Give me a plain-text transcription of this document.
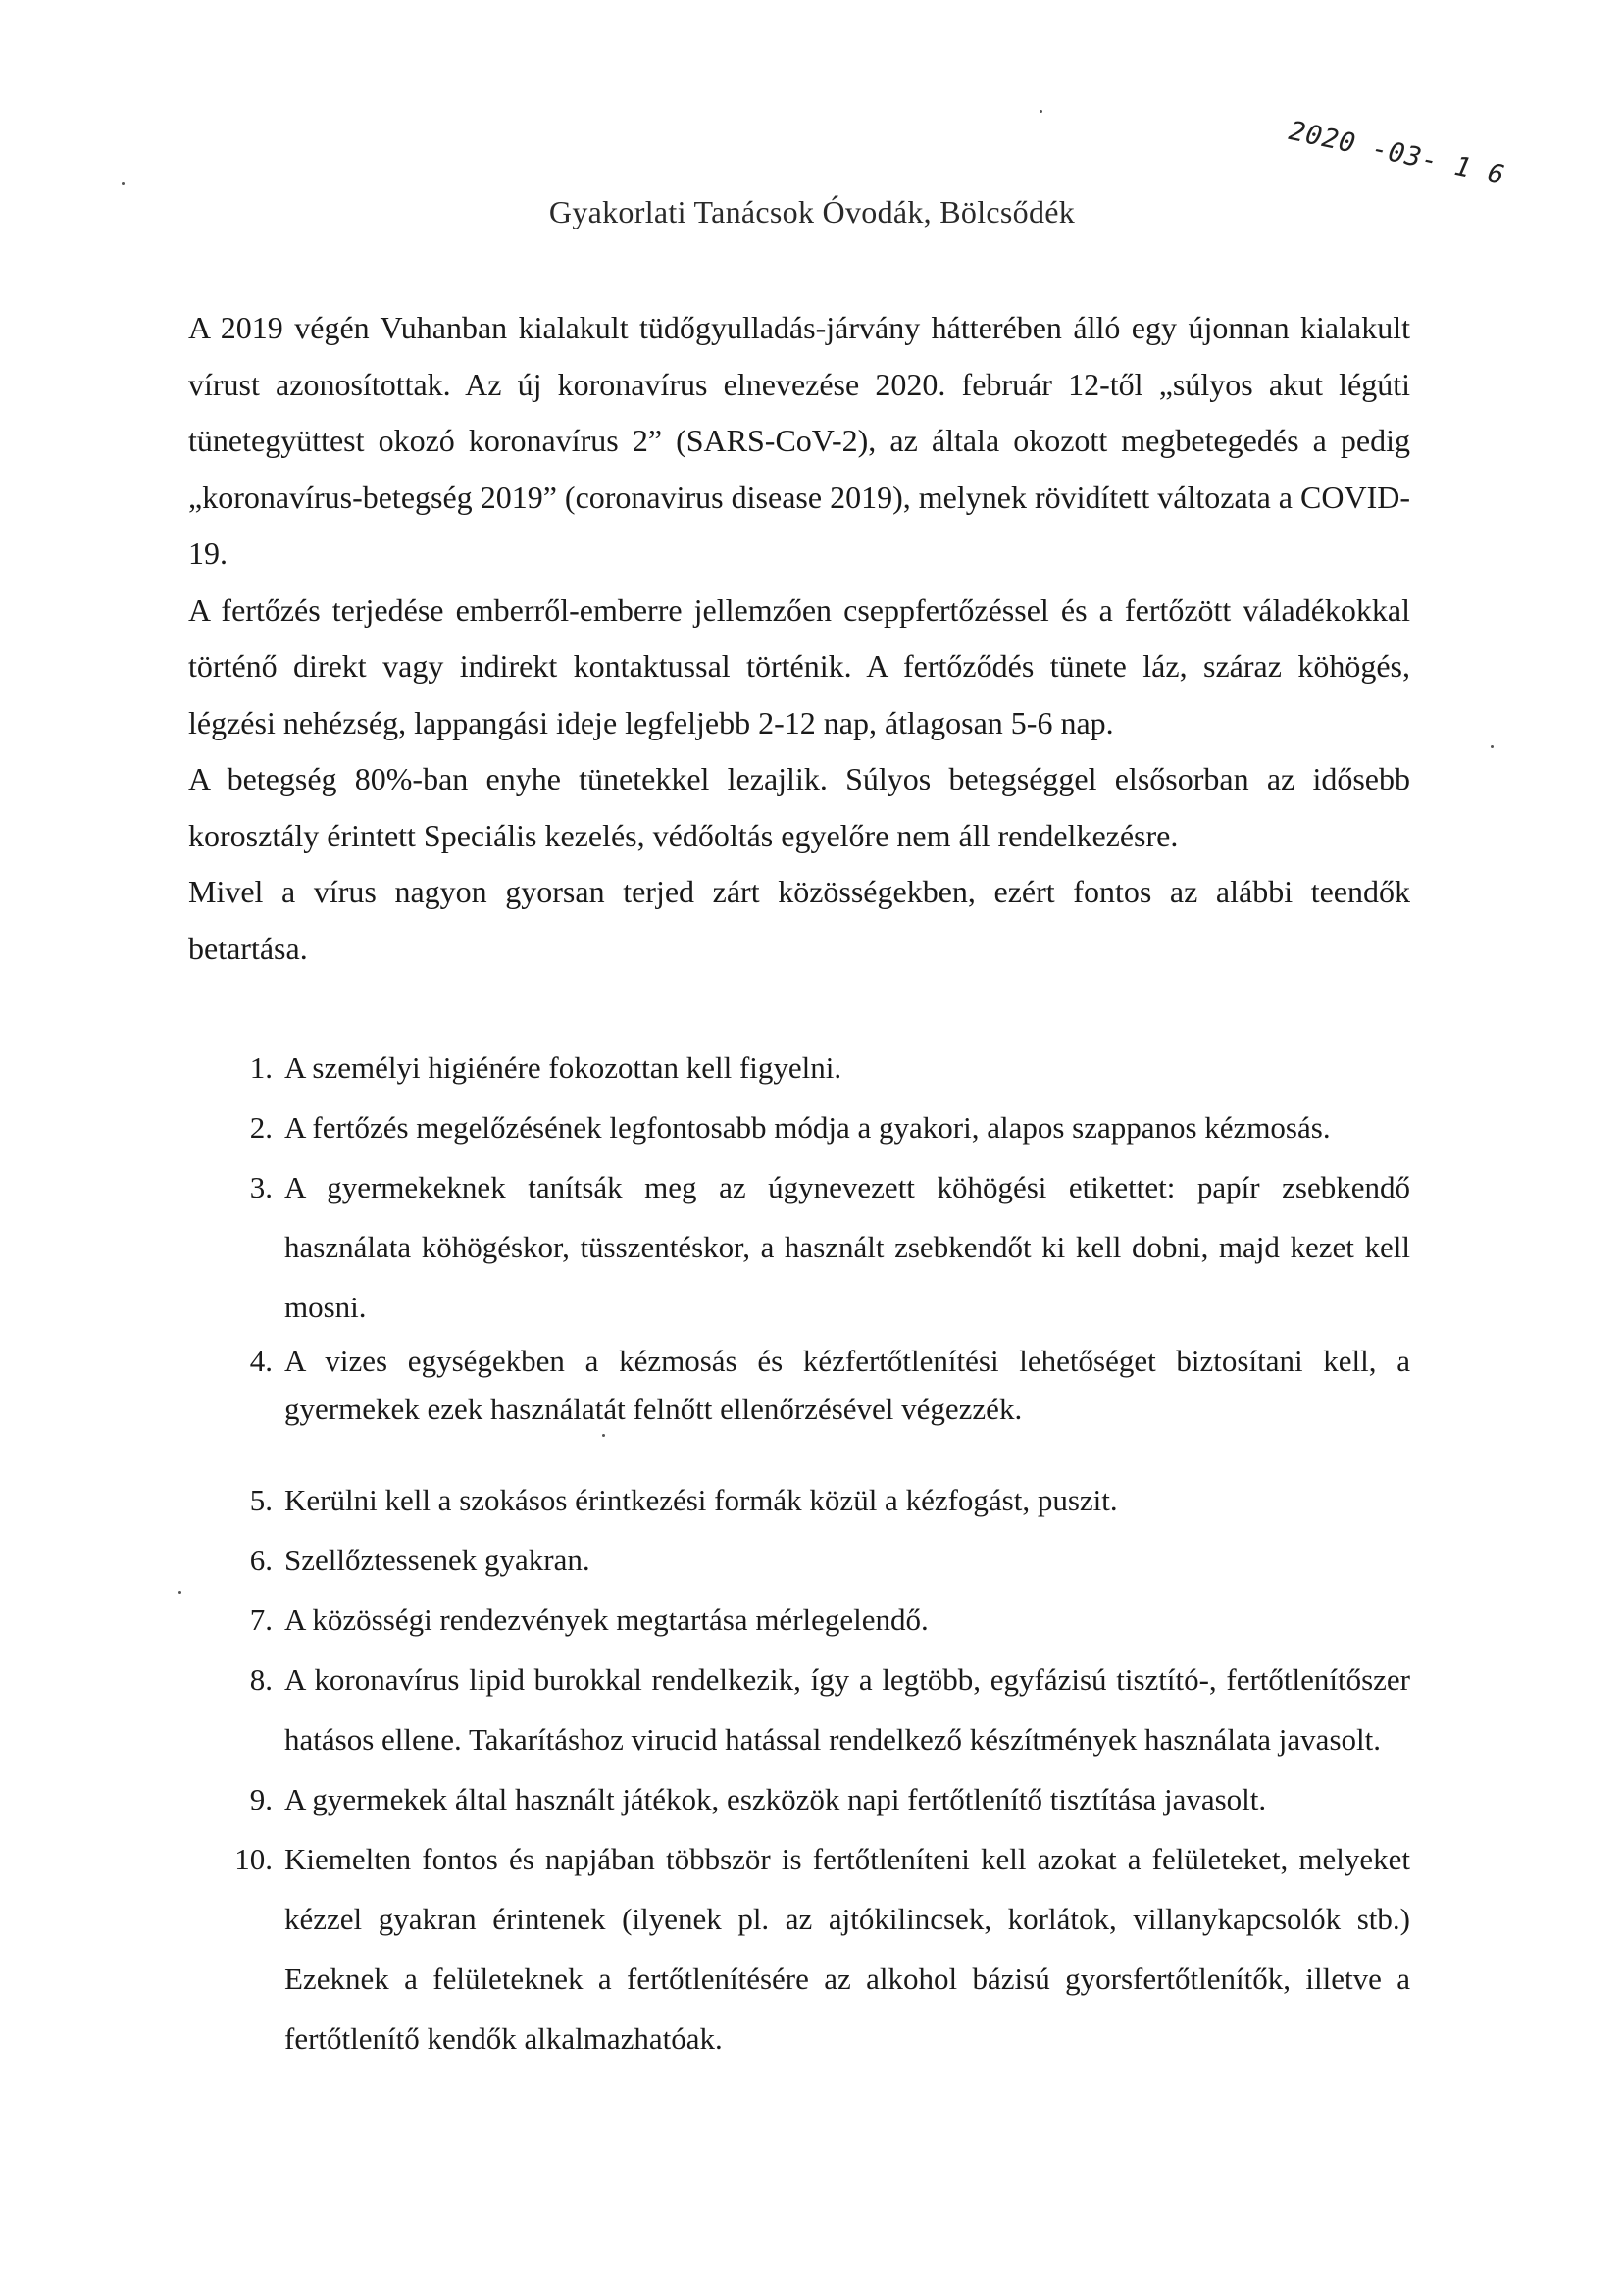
2020 -03- 1 6
Gyakorlati Tanácsok Óvodák, Bölcsődék

A 2019 végén Vuhanban kialakult tüdőgyulladás-járvány hátterében álló egy újonnan kialakult vírust azonosítottak. Az új koronavírus elnevezése 2020. február 12-től „súlyos akut légúti tünetegyüttest okozó koronavírus 2” (SARS-CoV-2), az általa okozott megbetegedés a pedig „koronavírus-betegség 2019” (coronavirus disease 2019), melynek rövidített változata a COVID-19.

A fertőzés terjedése emberről-emberre jellemzően cseppfertőzéssel és a fertőzött váladékokkal történő direkt vagy indirekt kontaktussal történik. A fertőződés tünete láz, száraz köhögés, légzési nehézség, lappangási ideje legfeljebb 2-12 nap, átlagosan 5-6 nap.

A betegség 80%-ban enyhe tünetekkel lezajlik. Súlyos betegséggel elsősorban az idősebb korosztály érintett Speciális kezelés, védőoltás egyelőre nem áll rendelkezésre.

Mivel a vírus nagyon gyorsan terjed zárt közösségekben, ezért fontos az alábbi teendők betartása.

1. A személyi higiénére fokozottan kell figyelni.
2. A fertőzés megelőzésének legfontosabb módja a gyakori, alapos szappanos kézmosás.
3. A gyermekeknek tanítsák meg az úgynevezett köhögési etikettet: papír zsebkendő használata köhögéskor, tüsszentéskor, a használt zsebkendőt ki kell dobni, majd kezet kell mosni.
4. A vizes egységekben a kézmosás és kézfertőtlenítési lehetőséget biztosítani kell, a gyermekek ezek használatát felnőtt ellenőrzésével végezzék.
5. Kerülni kell a szokásos érintkezési formák közül a kézfogást, puszit.
6. Szellőztessenek gyakran.
7. A közösségi rendezvények megtartása mérlegelendő.
8. A koronavírus lipid burokkal rendelkezik, így a legtöbb, egyfázisú tisztító-, fertőtlenítőszer hatásos ellene. Takarításhoz virucid hatással rendelkező készítmények használata javasolt.
9. A gyermekek által használt játékok, eszközök napi fertőtlenítő tisztítása javasolt.
10. Kiemelten fontos és napjában többször is fertőtleníteni kell azokat a felületeket, melyeket kézzel gyakran érintenek (ilyenek pl. az ajtókilincsek, korlátok, villanykapcsolók stb.) Ezeknek a felületeknek a fertőtlenítésére az alkohol bázisú gyorsfertőtlenítők, illetve a fertőtlenítő kendők alkalmazhatóak.
